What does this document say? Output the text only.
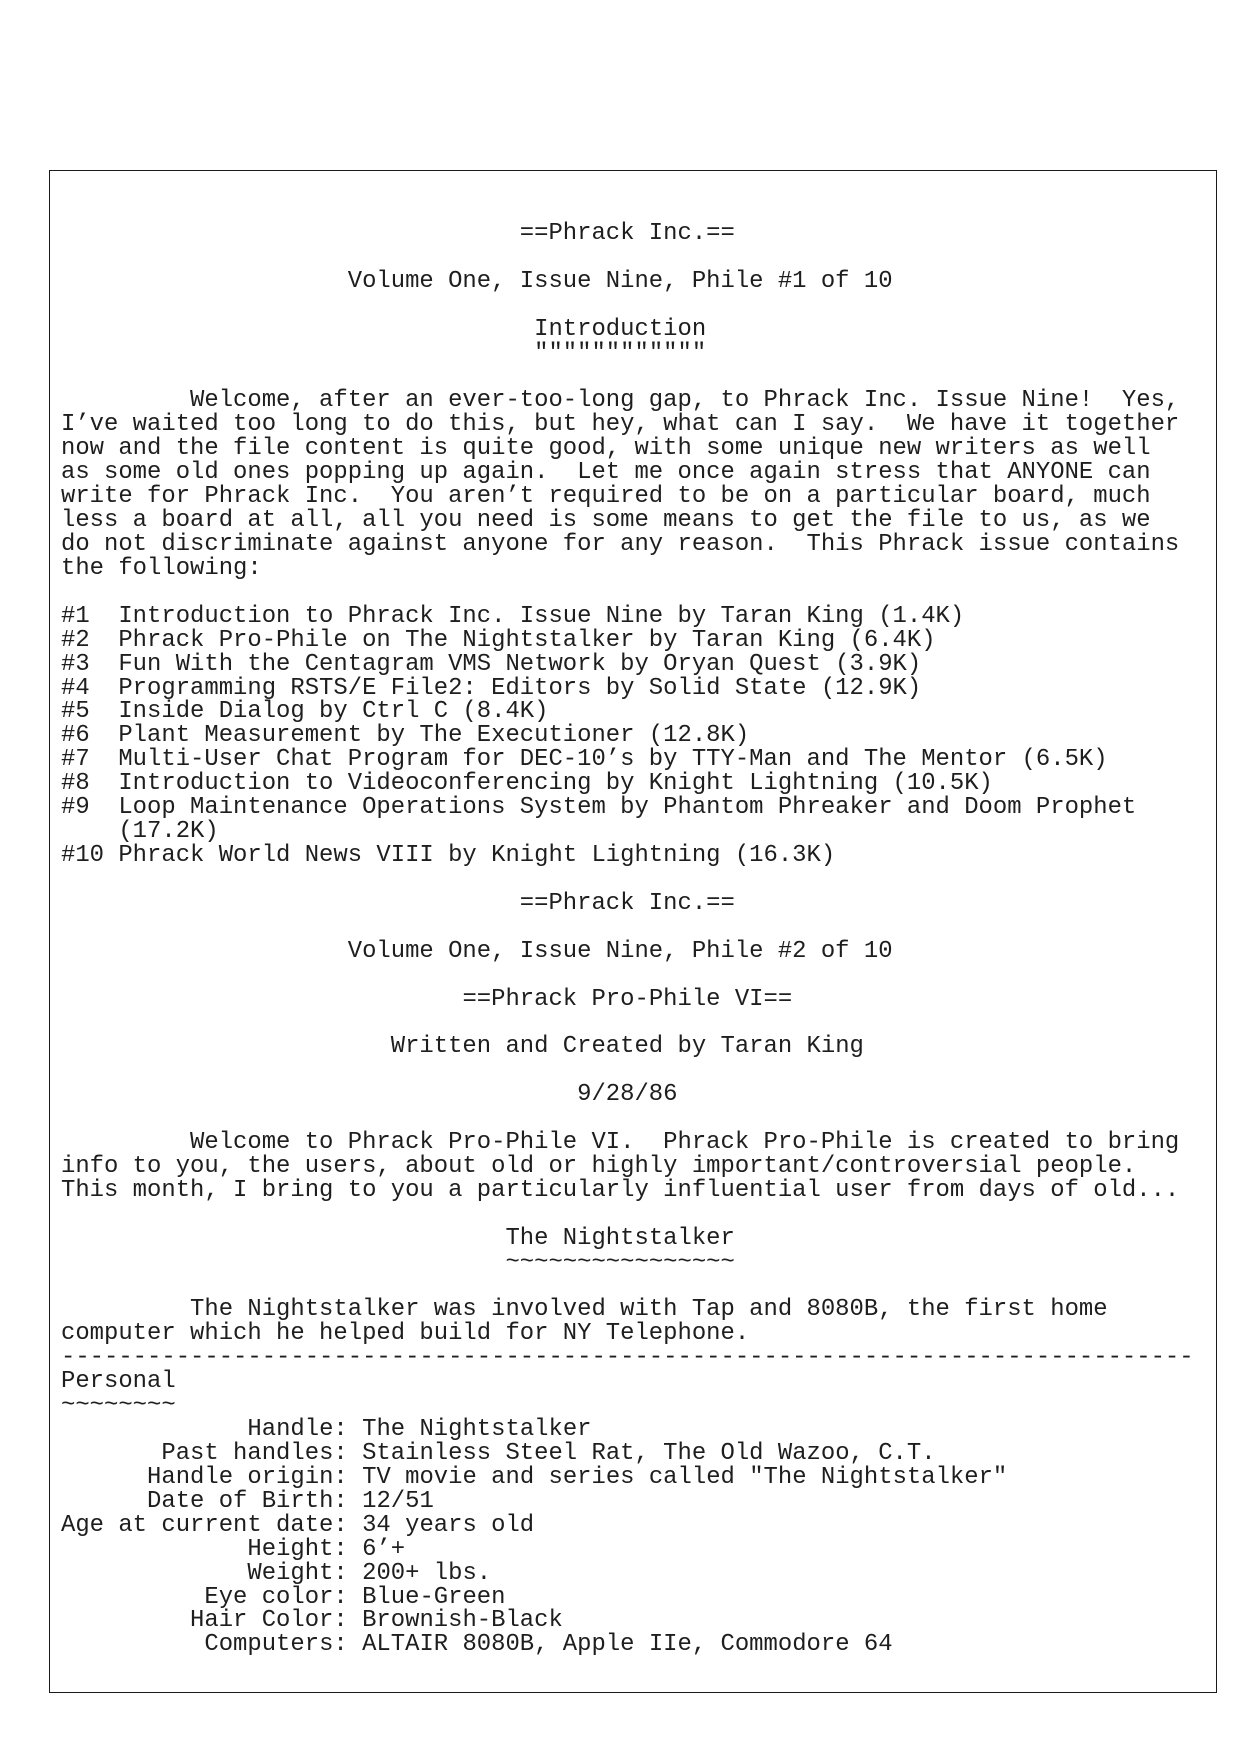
==Phrack Inc.==

Volume One, Issue Nine, Phile #1 of 10

Introduction
""""""""""""

Welcome, after an ever-too-long gap, to Phrack Inc. Issue Nine!  Yes,
I’ve waited too long to do this, but hey, what can I say.  We have it together
now and the file content is quite good, with some unique new writers as well
as some old ones popping up again.  Let me once again stress that ANYONE can
write for Phrack Inc.  You aren’t required to be on a particular board, much
less a board at all, all you need is some means to get the file to us, as we
do not discriminate against anyone for any reason.  This Phrack issue contains
the following:

#1  Introduction to Phrack Inc. Issue Nine by Taran King (1.4K)
#2  Phrack Pro-Phile on The Nightstalker by Taran King (6.4K)
#3  Fun With the Centagram VMS Network by Oryan Quest (3.9K)
#4  Programming RSTS/E File2: Editors by Solid State (12.9K)
#5  Inside Dialog by Ctrl C (8.4K)
#6  Plant Measurement by The Executioner (12.8K)
#7  Multi-User Chat Program for DEC-10’s by TTY-Man and The Mentor (6.5K)
#8  Introduction to Videoconferencing by Knight Lightning (10.5K)
#9  Loop Maintenance Operations System by Phantom Phreaker and Doom Prophet
(17.2K)
#10 Phrack World News VIII by Knight Lightning (16.3K)

==Phrack Inc.==

Volume One, Issue Nine, Phile #2 of 10

==Phrack Pro-Phile VI==

Written and Created by Taran King

9/28/86

Welcome to Phrack Pro-Phile VI.  Phrack Pro-Phile is created to bring
info to you, the users, about old or highly important/controversial people.
This month, I bring to you a particularly influential user from days of old...

The Nightstalker
~~~~~~~~~~~~~~~~

The Nightstalker was involved with Tap and 8080B, the first home
computer which he helped build for NY Telephone.
-------------------------------------------------------------------------------
Personal
~~~~~~~~
Handle: The Nightstalker
Past handles: Stainless Steel Rat, The Old Wazoo, C.T.
Handle origin: TV movie and series called "The Nightstalker"
Date of Birth: 12/51
Age at current date: 34 years old
Height: 6’+
Weight: 200+ lbs.
Eye color: Blue-Green
Hair Color: Brownish-Black
Computers: ALTAIR 8080B, Apple IIe, Commodore 64
